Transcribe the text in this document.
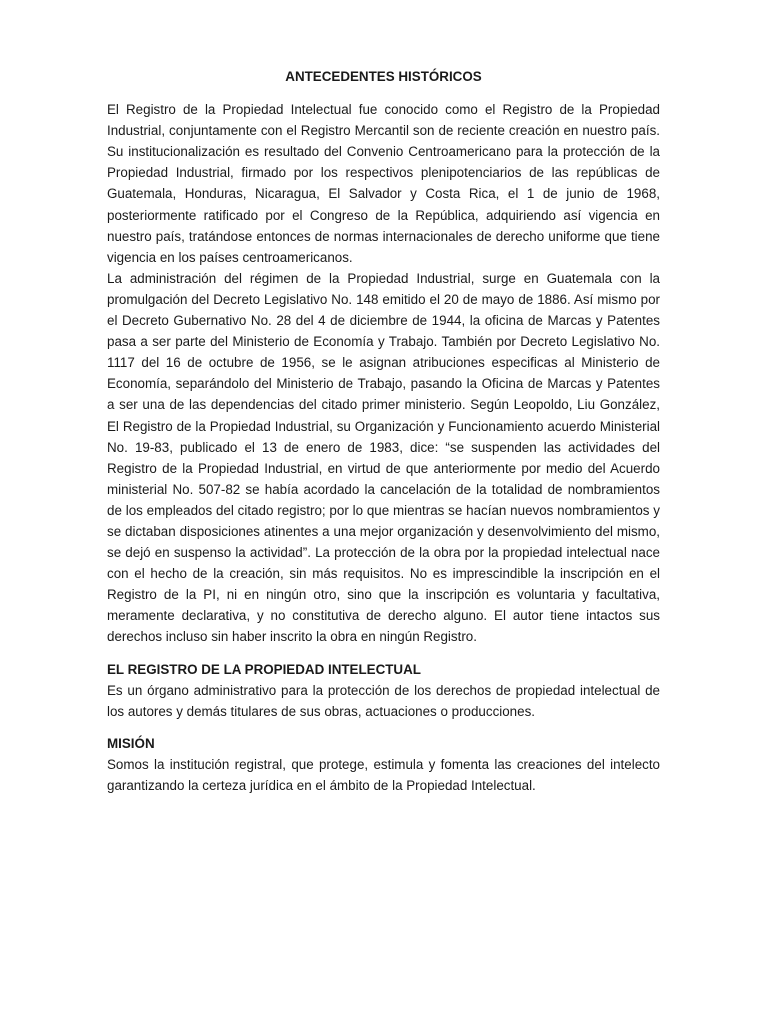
ANTECEDENTES HISTÓRICOS

El Registro de la Propiedad Intelectual fue conocido como el Registro de la Propiedad Industrial, conjuntamente con el Registro Mercantil son de reciente creación en nuestro país. Su institucionalización es resultado del Convenio Centroamericano para la protección de la Propiedad Industrial, firmado por los respectivos plenipotenciarios de las repúblicas de Guatemala, Honduras, Nicaragua, El Salvador y Costa Rica, el 1 de junio de 1968, posteriormente ratificado por el Congreso de la República, adquiriendo así vigencia en nuestro país, tratándose entonces de normas internacionales de derecho uniforme que tiene vigencia en los países centroamericanos.

La administración del régimen de la Propiedad Industrial, surge en Guatemala con la promulgación del Decreto Legislativo No. 148 emitido el 20 de mayo de 1886. Así mismo por el Decreto Gubernativo No. 28 del 4 de diciembre de 1944, la oficina de Marcas y Patentes pasa a ser parte del Ministerio de Economía y Trabajo. También por Decreto Legislativo No. 1117 del 16 de octubre de 1956, se le asignan atribuciones especificas al Ministerio de Economía, separándolo del Ministerio de Trabajo, pasando la Oficina de Marcas y Patentes a ser una de las dependencias del citado primer ministerio. Según Leopoldo, Liu González, El Registro de la Propiedad Industrial, su Organización y Funcionamiento acuerdo Ministerial No. 19-83, publicado el 13 de enero de 1983, dice: “se suspenden las actividades del Registro de la Propiedad Industrial, en virtud de que anteriormente por medio del Acuerdo ministerial No. 507-82 se había acordado la cancelación de la totalidad de nombramientos de los empleados del citado registro; por lo que mientras se hacían nuevos nombramientos y se dictaban disposiciones atinentes a una mejor organización y desenvolvimiento del mismo, se dejó en suspenso la actividad”. La protección de la obra por la propiedad intelectual nace con el hecho de la creación, sin más requisitos. No es imprescindible la inscripción en el Registro de la PI, ni en ningún otro, sino que la inscripción es voluntaria y facultativa, meramente declarativa, y no constitutiva de derecho alguno. El autor tiene intactos sus derechos incluso sin haber inscrito la obra en ningún Registro.

EL REGISTRO DE LA PROPIEDAD INTELECTUAL

Es un órgano administrativo para la protección de los derechos de propiedad intelectual de los autores y demás titulares de sus obras, actuaciones o producciones.

MISIÓN

Somos la institución registral, que protege, estimula y fomenta las creaciones del intelecto garantizando la certeza jurídica en el ámbito de la Propiedad Intelectual.
